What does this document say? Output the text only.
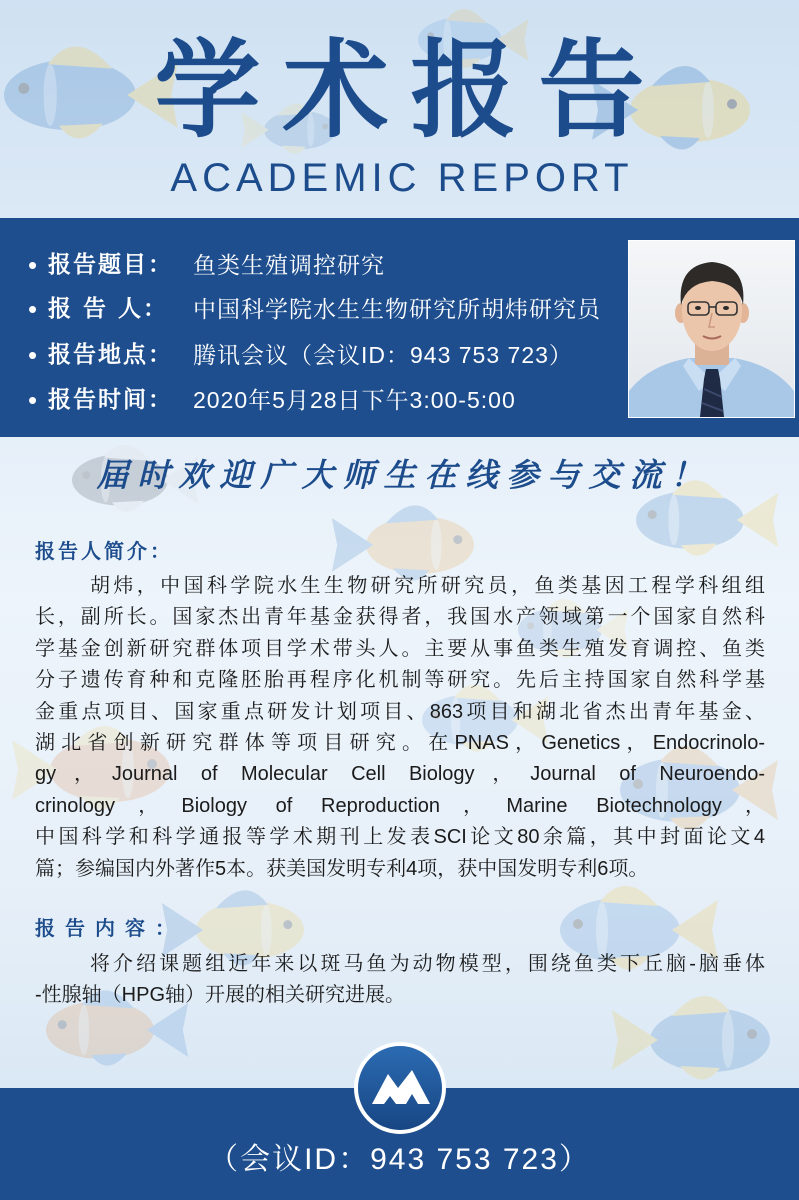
学术报告
ACADEMIC REPORT
• 报告题目： 鱼类生殖调控研究
• 报 告 人：	中国科学院水生生物研究所胡炜研究员
• 报告地点： 腾讯会议（会议ID：943 753 723）
• 报告时间： 2020年5月28日下午3:00-5:00
届时欢迎广大师生在线参与交流！
报告人简介：
胡炜，中国科学院水生生物研究所研究员，鱼类基因工程学科组组
长，副所长。国家杰出青年基金获得者，我国水产领域第一个国家自然科
学基金创新研究群体项目学术带头人。主要从事鱼类生殖发育调控、鱼类
分子遗传育种和克隆胚胎再程序化机制等研究。先后主持国家自然科学基
金重点项目、国家重点研发计划项目、863项目和湖北省杰出青年基金、
湖北省创新研究群体等项目研究。在PNAS，Genetics，Endocrinolo-
gy，Journal of Molecular Cell Biology，Journal of Neuroendo-
crinology，Biology of Reproduction，Marine Biotechnology，
中国科学和科学通报等学术期刊上发表SCI论文80余篇，其中封面论文4
篇；参编国内外著作5本。获美国发明专利4项，获中国发明专利6项。
报告内容：
将介绍课题组近年来以斑马鱼为动物模型，围绕鱼类下丘脑-脑垂体
-性腺轴（HPG轴）开展的相关研究进展。
（会议ID：943 753 723）
